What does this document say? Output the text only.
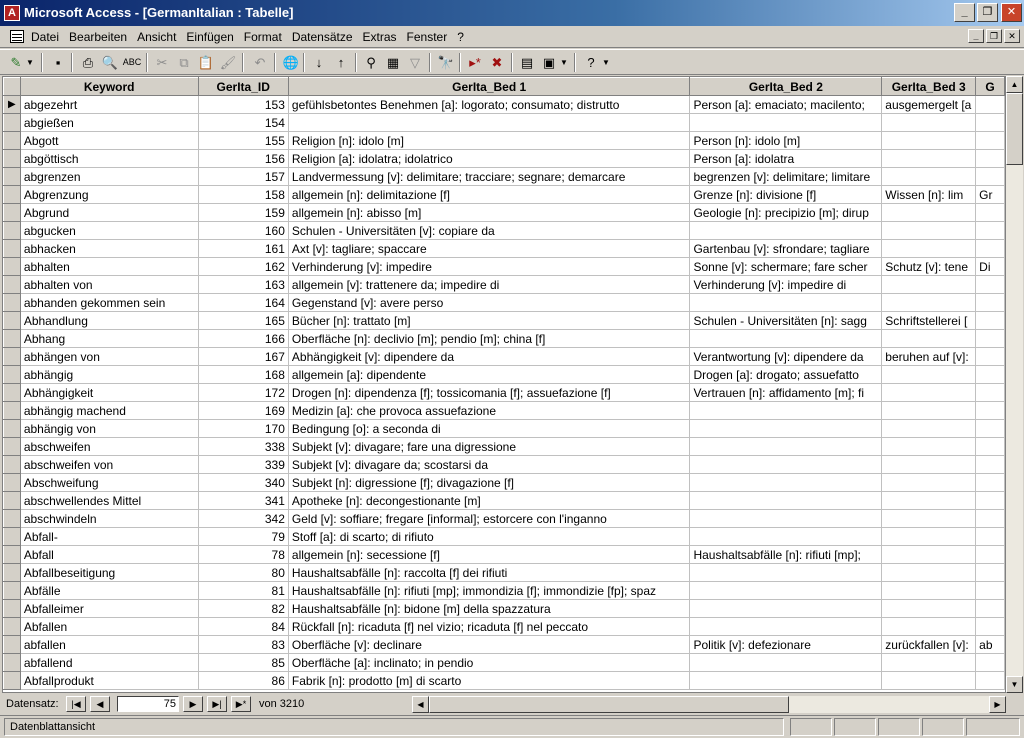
A Microsoft Access - [GermanItalian : Tabelle]	_	❐	✕
Datei Bearbeiten Ansicht Einfügen Format Datensätze Extras Fenster ?	_	❐	✕
✎ ▼	▪	⎙ 🔍 ABC	✂ ⧉ 📋 🖌	↶	🌐	↓	↑	⚲ ▦ ▽	🔭	▸* ✖	▤ ▣ ▼	? ▼
	Keyword	GerIta_ID	GerIta_Bed 1	GerIta_Bed 2	GerIta_Bed 3	G
▶	abgezehrt	153	gefühlsbetontes Benehmen [a]: logorato; consumato; distrutto	Person [a]: emaciato; macilento;	ausgemergelt [a	
	abgießen	154				
	Abgott	155	Religion [n]: idolo [m]	Person [n]: idolo [m]		
	abgöttisch	156	Religion [a]: idolatra; idolatrico	Person [a]: idolatra		
	abgrenzen	157	Landvermessung [v]: delimitare; tracciare; segnare; demarcare	begrenzen [v]: delimitare; limitare		
	Abgrenzung	158	allgemein [n]: delimitazione [f]	Grenze [n]: divisione [f]	Wissen [n]: lim	Gr
	Abgrund	159	allgemein [n]: abisso [m]	Geologie [n]: precipizio [m]; dirup		
	abgucken	160	Schulen - Universitäten [v]: copiare da			
	abhacken	161	Axt [v]: tagliare; spaccare	Gartenbau [v]: sfrondare; tagliare		
	abhalten	162	Verhinderung [v]: impedire	Sonne [v]: schermare; fare scher	Schutz [v]: tene	Di
	abhalten von	163	allgemein [v]: trattenere da; impedire di	Verhinderung [v]: impedire di		
	abhanden gekommen sein	164	Gegenstand [v]: avere perso			
	Abhandlung	165	Bücher [n]: trattato [m]	Schulen - Universitäten [n]: sagg	Schriftstellerei [	
	Abhang	166	Oberfläche [n]: declivio [m]; pendio [m]; china [f]			
	abhängen von	167	Abhängigkeit [v]: dipendere da	Verantwortung [v]: dipendere da	beruhen auf [v]:	
	abhängig	168	allgemein [a]: dipendente	Drogen [a]: drogato; assuefatto		
	Abhängigkeit	172	Drogen [n]: dipendenza [f]; tossicomania [f]; assuefazione [f]	Vertrauen [n]: affidamento [m]; fi		
	abhängig machend	169	Medizin [a]: che provoca assuefazione			
	abhängig von	170	Bedingung [o]: a seconda di			
	abschweifen	338	Subjekt [v]: divagare; fare una digressione			
	abschweifen von	339	Subjekt [v]: divagare da; scostarsi da			
	Abschweifung	340	Subjekt [n]: digressione [f]; divagazione [f]			
	abschwellendes Mittel	341	Apotheke [n]: decongestionante [m]			
	abschwindeln	342	Geld [v]: soffiare; fregare [informal]; estorcere con l'inganno			
	Abfall-	79	Stoff [a]: di scarto; di rifiuto			
	Abfall	78	allgemein [n]: secessione [f]	Haushaltsabfälle [n]: rifiuti [mp];		
	Abfallbeseitigung	80	Haushaltsabfälle [n]: raccolta [f] dei rifiuti			
	Abfälle	81	Haushaltsabfälle [n]: rifiuti [mp]; immondizia [f]; immondizie [fp]; spaz			
	Abfalleimer	82	Haushaltsabfälle [n]: bidone [m] della spazzatura			
	Abfallen	84	Rückfall [n]: ricaduta [f] nel vizio; ricaduta [f] nel peccato			
	abfallen	83	Oberfläche [v]: declinare	Politik [v]: defezionare	zurückfallen [v]:	ab
	abfallend	85	Oberfläche [a]: inclinato; in pendio			
	Abfallprodukt	86	Fabrik [n]: prodotto [m] di scarto			
▲
▼
Datensatz:	|◀	◀	75	▶	▶|	▶*	von 3210	◀	▶
Datenblattansicht
